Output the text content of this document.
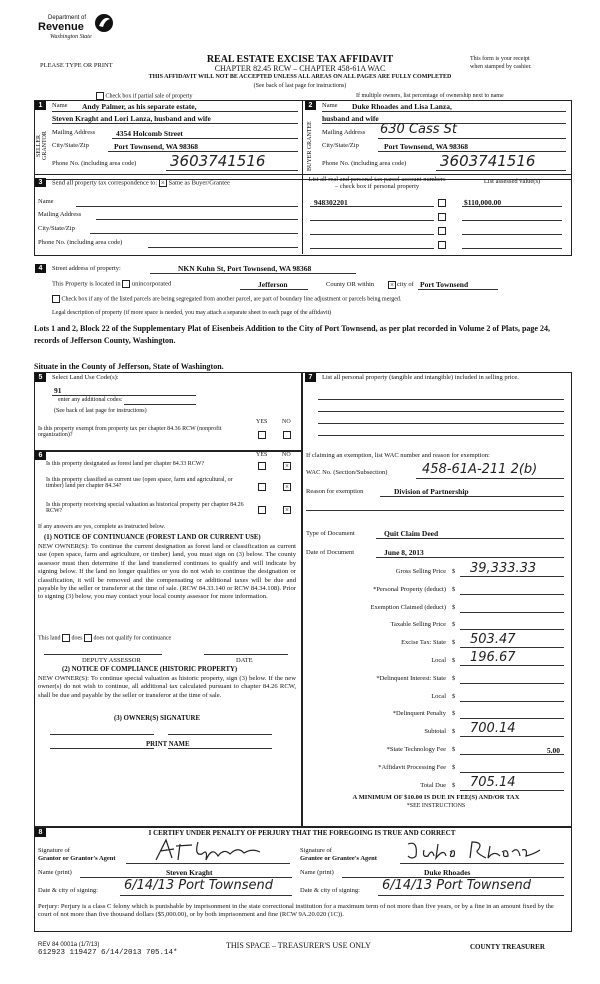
Department of
Revenue
Washington State
PLEASE TYPE OR PRINT
REAL ESTATE EXCISE TAX AFFIDAVIT
CHAPTER 82.45 RCW – CHAPTER 458-61A WAC
THIS AFFIDAVIT WILL NOT BE ACCEPTED UNLESS ALL AREAS ON ALL PAGES ARE FULLY COMPLETED
(See back of last page for instructions)
This form is your receipt
when stamped by cashier.
Check box if partial sale of property	If multiple owners, list percentage of ownership next to name
1
SELLER GRANTOR
Name Andy Palmer, as his separate estate,
Steven Kraght and Lori Lanza, husband and wife
Mailing Address	4354 Holcomb Street
City/State/Zip	Port Townsend, WA 98368
Phone No. (including area code) 3603741516
2
BUYER GRANTEE
Name Duke Rhoades and Lisa Lanza,
husband and wife
Mailing Address 630 Cass St
City/State/Zip	Port Townsend, WA 98368
Phone No. (including area code) 3603741516
3	Send all property tax correspondence to: × Same as Buyer/Grantee
Name
Mailing Address
City/State/Zip
Phone No. (including area code)
List all real and personal tax parcel account numbers – check box if personal property
List assessed value(s)
948302201	$110,000.00
4	Street address of property:	NKN Kuhn St, Port Townsend, WA 98368
This Property is located in unincorporated	Jefferson	County OR within × city of Port Townsend
Check box if any of the listed parcels are being segregated from another parcel, are part of boundary line adjustment or parcels being merged.
Legal description of property (if more space is needed, you may attach a separate sheet to each page of the affidavit)
Lots 1 and 2, Block 22 of the Supplementary Plat of Eisenbeis Addition to the City of Port Townsend, as per plat recorded in Volume 2 of Plats, page 24, records of Jefferson County, Washington.
Situate in the County of Jefferson, State of Washington.
5	Select Land Use Code(s):
91
enter any additional codes:
(See back of last page for instructions)
YES NO
Is this property exempt from property tax per chapter 84.36 RCW (nonprofit organization)?
7	List all personal property (tangible and intangible) included in selling price.
6	YES NO
Is this property designated as forest land per chapter 84.33 RCW?	×
Is this property classified as current use (open space, farm and agricultural, or timber) land per chapter 84.34?	×
Is this property receiving special valuation as historical property per chapter 84.26 RCW?	×
If any answers are yes, complete as instructed below.
(1) NOTICE OF CONTINUANCE (FOREST LAND OR CURRENT USE)
NEW OWNER(S): To continue the current designation as forest land or classification as current use (open space, farm and agriculture, or timber) land, you must sign on (3) below. The county assessor must then determine if the land transferred continues to qualify and will indicate by signing below. If the land no longer qualifies or you do not wish to continue the designation or classification, it will be removed and the compensating or additional taxes will be due and payable by the seller or transferor at the time of sale. (RCW 84.33.140 or RCW 84.34.108). Prior to signing (3) below, you may contact your local county assessor for more information.
This land does does not qualify for continuance
DEPUTY ASSESSOR	DATE
(2) NOTICE OF COMPLIANCE (HISTORIC PROPERTY)
NEW OWNER(S): To continue special valuation as historic property, sign (3) below. If the new owner(s) do not wish to continue, all additional tax calculated pursuant to chapter 84.26 RCW, shall be due and payable by the seller or transferor at the time of sale.
(3) OWNER(S) SIGNATURE
PRINT NAME
If claiming an exemption, list WAC number and reason for exemption:
WAC No. (Section/Subsection)	458-61A-211 2(b)
Reason for exemption	Division of Partnership
Type of Document	Quit Claim Deed
Date of Document	June 8, 2013
Gross Selling Price $ 39,333.33
*Personal Property (deduct) $
Exemption Claimed (deduct) $
Taxable Selling Price $
Excise Tax: State $ 503.47
Local $ 196.67
*Delinquent Interest: State $
Local $
*Delinquent Penalty $
Subtotal $ 700.14
*State Technology Fee $	5.00
*Affidavit Processing Fee $
Total Due $ 705.14
A MINIMUM OF $10.00 IS DUE IN FEE(S) AND/OR TAX
*SEE INSTRUCTIONS
8	I CERTIFY UNDER PENALTY OF PERJURY THAT THE FOREGOING IS TRUE AND CORRECT
Signature of
Grantor or Grantor's Agent
Signature of
Grantee or Grantee's Agent
Name (print)	Steven Kraght	Name (print)	Duke Rhoades
Date & city of signing: 6/14/13 Port Townsend	Date & city of signing: 6/14/13 Port Townsend
Perjury: Perjury is a class C felony which is punishable by imprisonment in the state correctional institution for a maximum term of not more than five years, or by a fine in an amount fixed by the court of not more than five thousand dollars ($5,000.00), or by both imprisonment and fine (RCW 9A.20.020 (1C)).
REV 84 0001a (1/7/13)
612923 119427 6/14/2013 705.14*
THIS SPACE – TREASURER'S USE ONLY	COUNTY TREASURER
